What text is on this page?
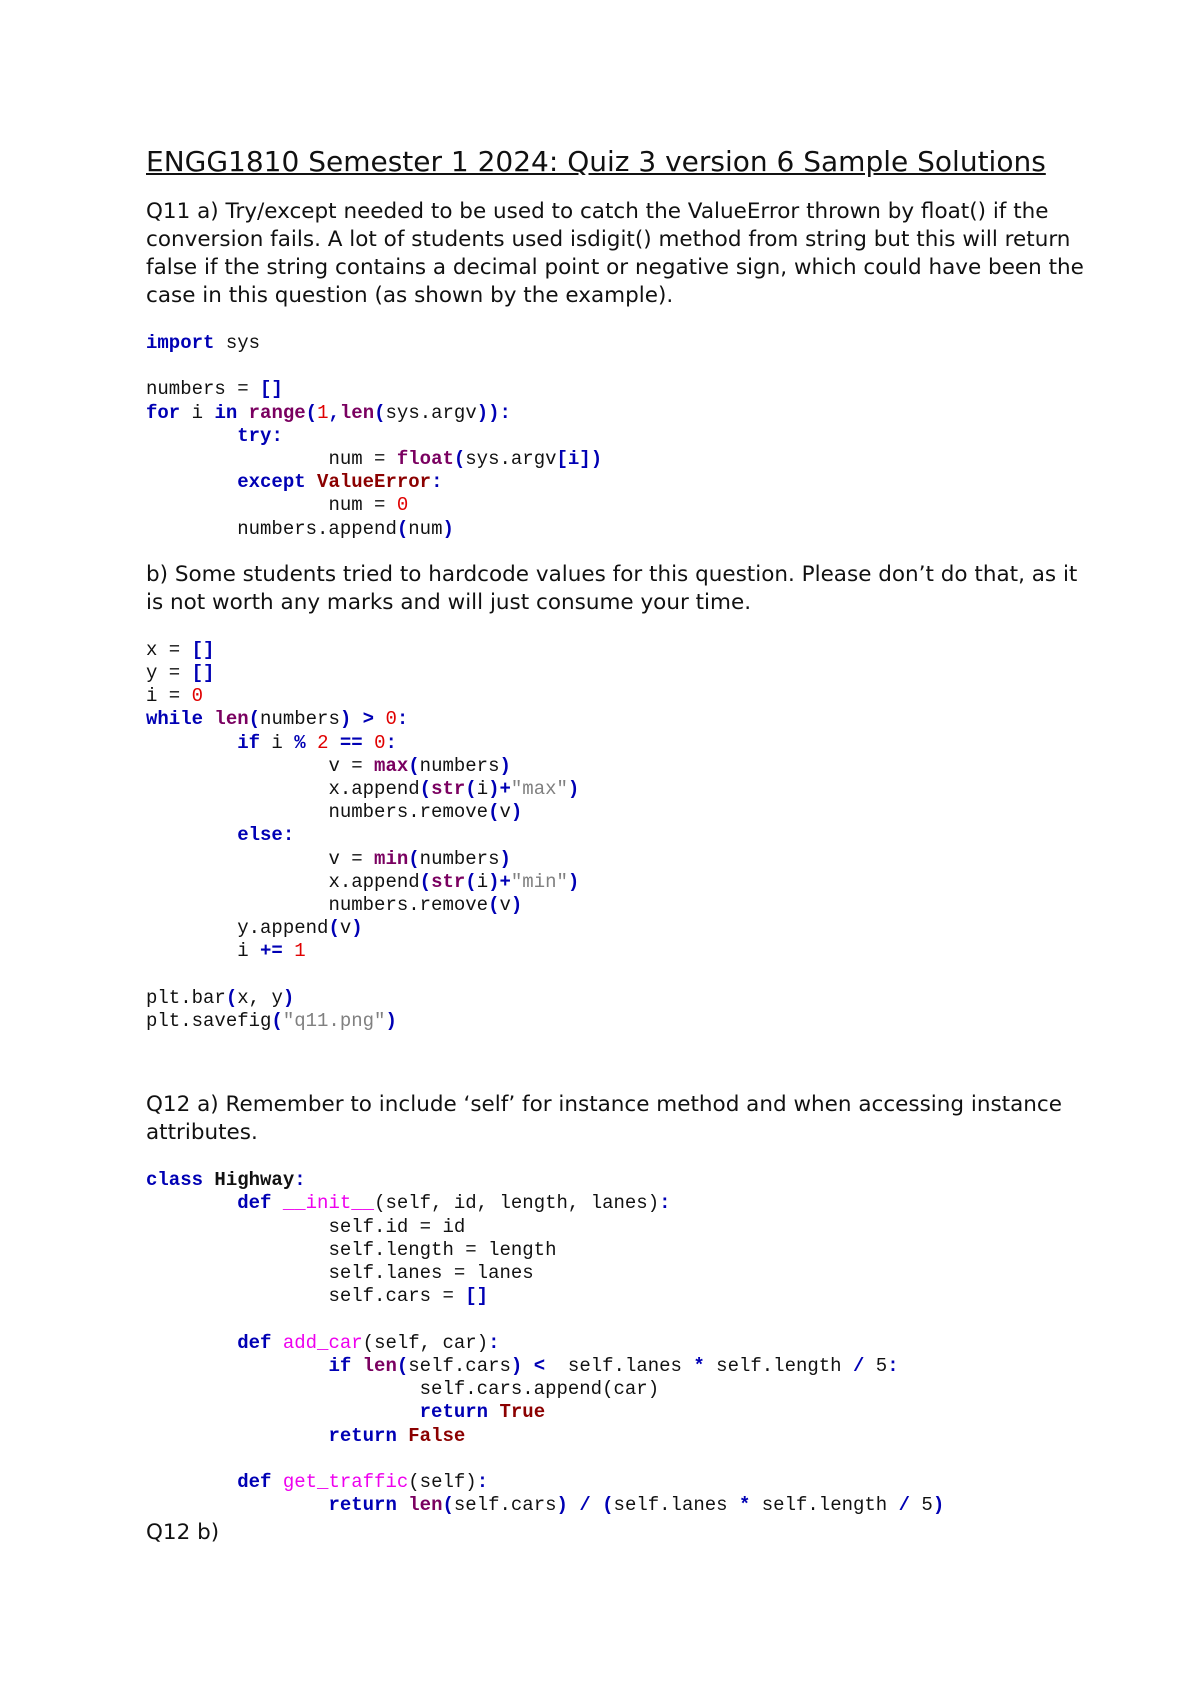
ENGG1810 Semester 1 2024: Quiz 3 version 6 Sample Solutions

Q11 a) Try/except needed to be used to catch the ValueError thrown by float() if the conversion fails. A lot of students used isdigit() method from string but this will return false if the string contains a decimal point or negative sign, which could have been the case in this question (as shown by the example).

import sys

numbers = []
for i in range(1,len(sys.argv)):
try:
num = float(sys.argv[i])
except ValueError:
num = 0
numbers.append(num)

b) Some students tried to hardcode values for this question. Please don’t do that, as it is not worth any marks and will just consume your time.

x = []
y = []
i = 0
while len(numbers) > 0:
if i % 2 == 0:
v = max(numbers)
x.append(str(i)+"max")
numbers.remove(v)
else:
v = min(numbers)
x.append(str(i)+"min")
numbers.remove(v)
y.append(v)
i += 1

plt.bar(x, y)
plt.savefig("q11.png")

Q12 a) Remember to include ‘self’ for instance method and when accessing instance attributes.

class Highway:
def __init__(self, id, length, lanes):
self.id = id
self.length = length
self.lanes = lanes
self.cars = []

def add_car(self, car):
if len(self.cars) <  self.lanes * self.length / 5:
self.cars.append(car)
return True
return False

def get_traffic(self):
return len(self.cars) / (self.lanes * self.length / 5)

Q12 b)
